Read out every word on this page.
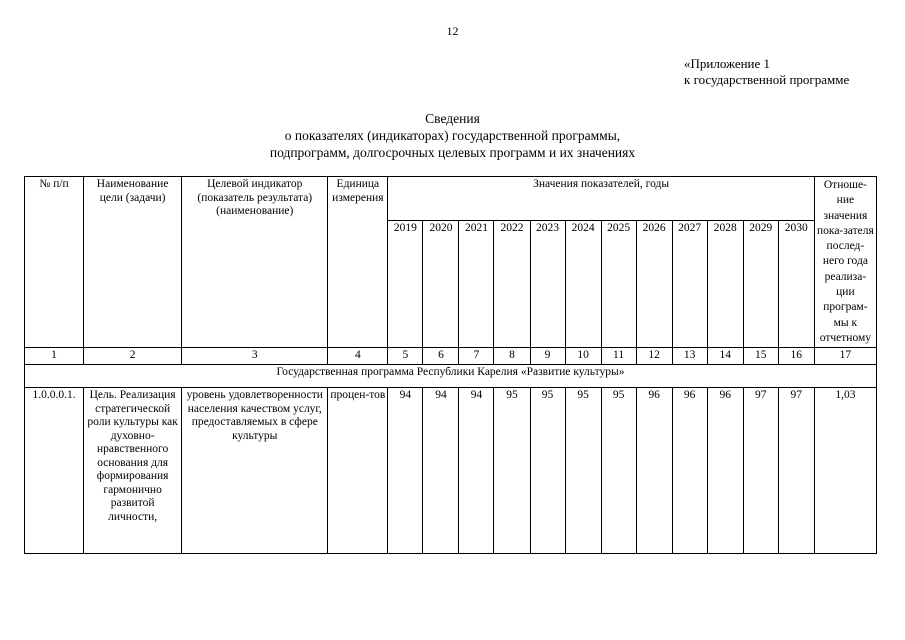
12
«Приложение 1
к государственной программе
Сведения
о показателях (индикаторах) государственной программы,
подпрограмм, долгосрочных целевых программ и их значениях
№ п/п	Наименование цели (задачи)	Целевой индикатор (показатель результата) (наименование)	Единица измерения	Значения показателей, годы												Отноше-ние значения пока-зателя послед-него года реализа-ции програм-мы к отчетному
				2019	2020	2021	2022	2023	2024	2025	2026	2027	2028	2029	2030	
1	2	3	4	5	6	7	8	9	10	11	12	13	14	15	16	17
Государственная программа Республики Карелия «Развитие культуры»																
1.0.0.0.1.	Цель. Реализация стратегической роли культуры как духовно-нравственного основания для формирования гармонично развитой личности,	уровень удовлетворенности населения качеством услуг, предоставляемых в сфере культуры	процен-тов	94	94	94	95	95	95	95	96	96	96	97	97	1,03
